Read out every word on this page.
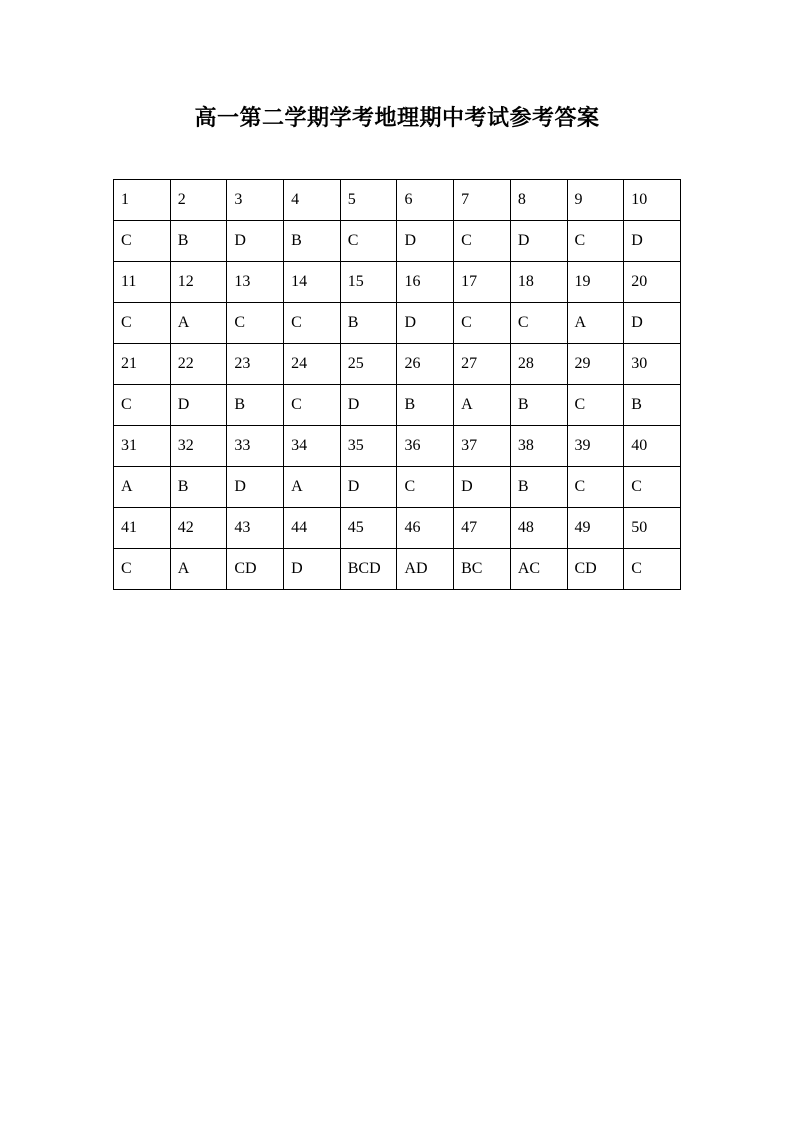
高一第二学期学考地理期中考试参考答案
1	2	3	4	5	6	7	8	9	10
C	B	D	B	C	D	C	D	C	D
11	12	13	14	15	16	17	18	19	20
C	A	C	C	B	D	C	C	A	D
21	22	23	24	25	26	27	28	29	30
C	D	B	C	D	B	A	B	C	B
31	32	33	34	35	36	37	38	39	40
A	B	D	A	D	C	D	B	C	C
41	42	43	44	45	46	47	48	49	50
C	A	CD	D	BCD	AD	BC	AC	CD	C
